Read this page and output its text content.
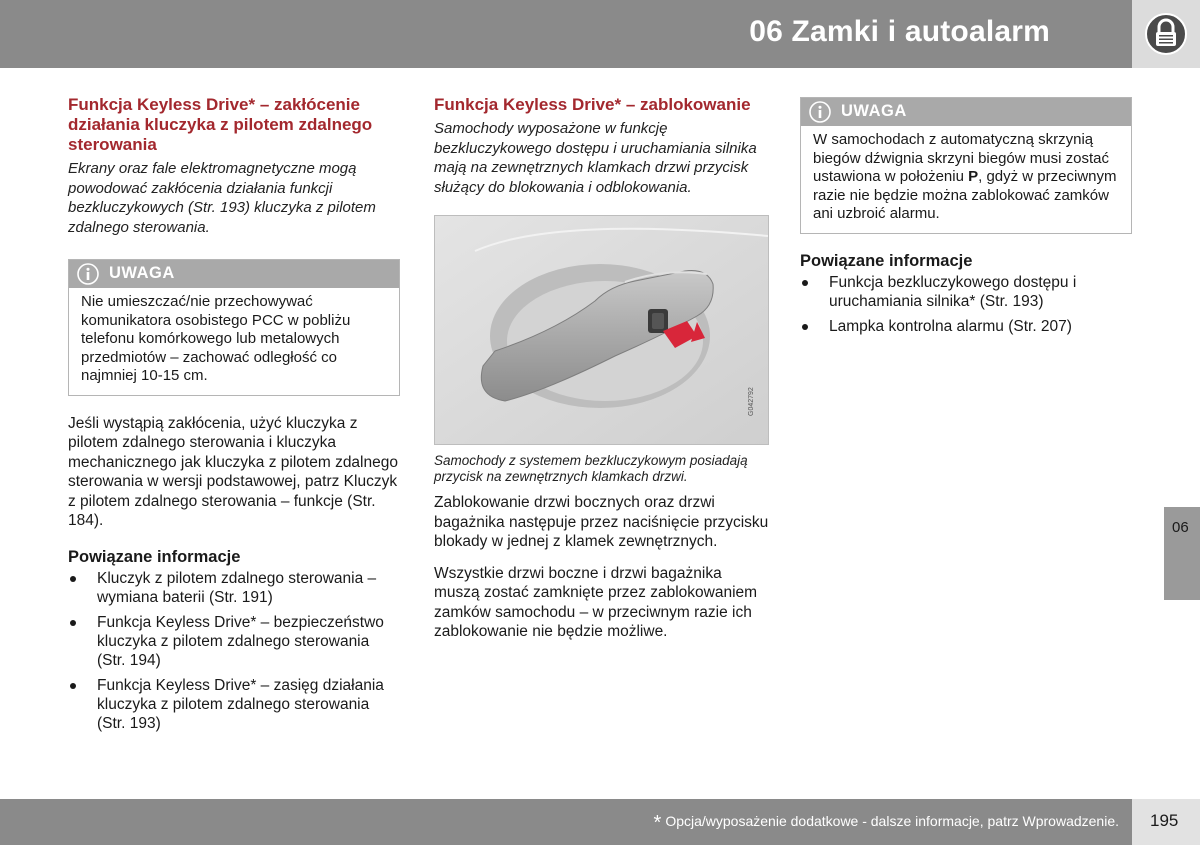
06 Zamki i autoalarm
Funkcja Keyless Drive* – zakłócenie działania kluczyka z pilotem zdalnego sterowania
Ekrany oraz fale elektromagnetyczne mogą powodować zakłócenia działania funkcji bezkluczykowych (Str. 193) kluczyka z pilotem zdalnego sterowania.
UWAGA
Nie umieszczać/nie przechowywać komunikatora osobistego PCC w pobliżu telefonu komórkowego lub metalowych przedmiotów – zachować odległość co najmniej 10-15 cm.

Jeśli wystąpią zakłócenia, użyć kluczyka z pilotem zdalnego sterowania i kluczyka mechanicznego jak kluczyka z pilotem zdalnego sterowania w wersji podstawowej, patrz Kluczyk z pilotem zdalnego sterowania – funkcje (Str. 184).

Powiązane informacje
Kluczyk z pilotem zdalnego sterowania – wymiana baterii (Str. 191)
Funkcja Keyless Drive* – bezpieczeństwo kluczyka z pilotem zdalnego sterowania (Str. 194)
Funkcja Keyless Drive* – zasięg działania kluczyka z pilotem zdalnego sterowania (Str. 193)
Funkcja Keyless Drive* – zablokowanie
Samochody wyposażone w funkcję bezkluczykowego dostępu i uruchamiania silnika mają na zewnętrznych klamkach drzwi przycisk służący do blokowania i odblokowania.
G042792
Samochody z systemem bezkluczykowym posiadają przycisk na zewnętrznych klamkach drzwi.

Zablokowanie drzwi bocznych oraz drzwi bagażnika następuje przez naciśnięcie przycisku blokady w jednej z klamek zewnętrznych.

Wszystkie drzwi boczne i drzwi bagażnika muszą zostać zamknięte przez zablokowaniem zamków samochodu – w przeciwnym razie ich zablokowanie nie będzie możliwe.

UWAGA
W samochodach z automatyczną skrzynią biegów dźwignia skrzyni biegów musi zostać ustawiona w położeniu P, gdyż w przeciwnym razie nie będzie można zablokować zamków ani uzbroić alarmu.
Powiązane informacje
Funkcja bezkluczykowego dostępu i uruchamiania silnika* (Str. 193)
Lampka kontrolna alarmu (Str. 207)
06
* Opcja/wyposażenie dodatkowe - dalsze informacje, patrz Wprowadzenie. 195
